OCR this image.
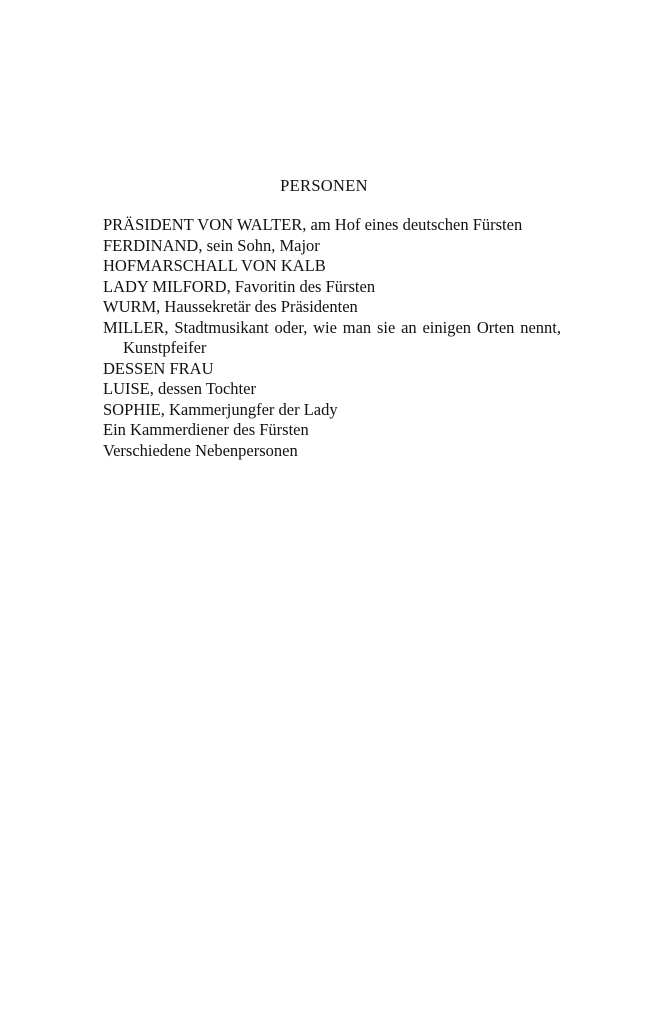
PERSONEN
PRÄSIDENT VON WALTER, am Hof eines deutschen Fürsten
FERDINAND, sein Sohn, Major
HOFMARSCHALL VON KALB
LADY MILFORD, Favoritin des Fürsten
WURM, Haussekretär des Präsidenten
MILLER, Stadtmusikant oder, wie man sie an einigen Orten nennt, Kunstpfeifer
DESSEN FRAU
LUISE, dessen Tochter
SOPHIE, Kammerjungfer der Lady
Ein Kammerdiener des Fürsten
Verschiedene Nebenpersonen
